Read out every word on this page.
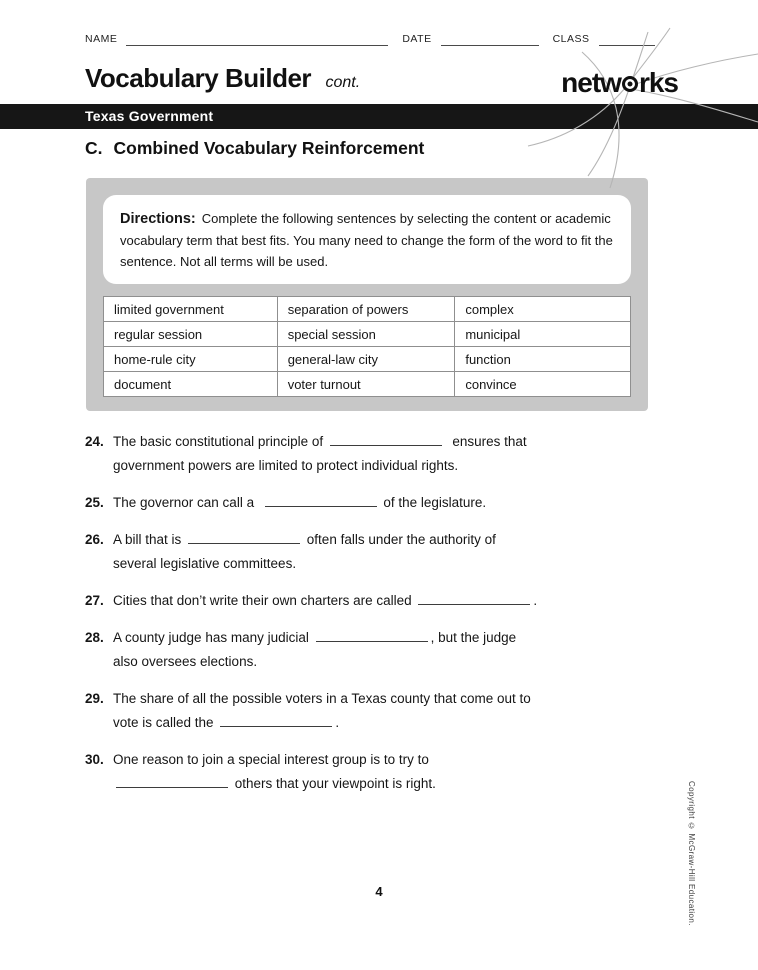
NAME	DATE	CLASS
Vocabulary Builder cont.	netw rks
Texas Government
C. Combined Vocabulary Reinforcement
Directions: Complete the following sentences by selecting the content or academic vocabulary term that best fits. You many need to change the form of the word to fit the sentence. Not all terms will be used.
limited government	separation of powers	complex
regular session	special session	municipal
home-rule city	general-law city	function
document	voter turnout	convince
24. The basic constitutional principle of	ensures that
government powers are limited to protect individual rights.
25. The governor can call a	of the legislature.
26. A bill that is	often falls under the authority of
several legislative committees.
27. Cities that don’t write their own charters are called	.
28. A county judge has many judicial	, but the judge
also oversees elections.
29. The share of all the possible voters in a Texas county that come out to
vote is called the	.
30. One reason to join a special interest group is to try to
others that your viewpoint is right.
4	Copyright © McGraw-Hill Education.
